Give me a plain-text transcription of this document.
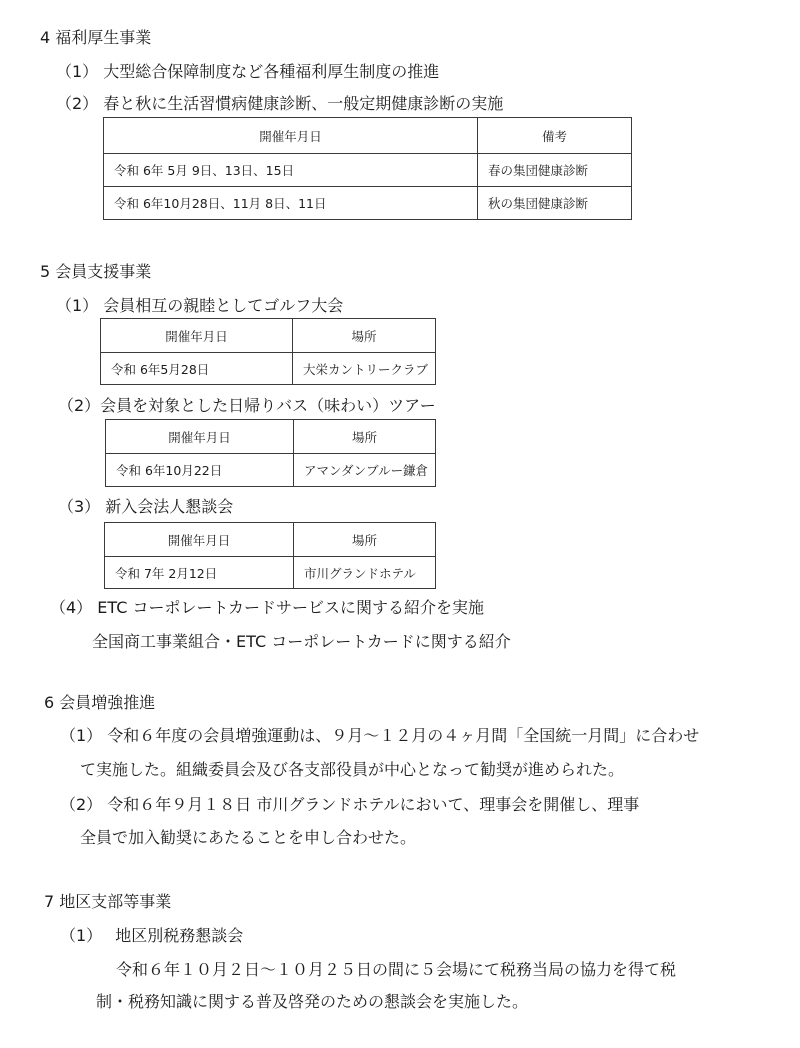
4 福利厚生事業
（1） 大型総合保障制度など各種福利厚生制度の推進
（2） 春と秋に生活習慣病健康診断、一般定期健康診断の実施
開催年月日	備考
令和 6年 5月 9日、13日、15日	春の集団健康診断
令和 6年10月28日、11月 8日、11日	秋の集団健康診断
5 会員支援事業
（1） 会員相互の親睦としてゴルフ大会
開催年月日	場所
令和 6年5月28日	大栄カントリークラブ
（2）会員を対象とした日帰りバス（味わい）ツアー
開催年月日	場所
令和 6年10月22日	アマンダンブルー鎌倉
（3） 新入会法人懇談会
開催年月日	場所
令和 7年 2月12日	市川グランドホテル
（4） ETC コーポレートカードサービスに関する紹介を実施
全国商工事業組合・ETC コーポレートカードに関する紹介
6 会員増強推進
（1） 令和６年度の会員増強運動は、９月～１２月の４ヶ月間「全国統一月間」に合わせ
て実施した。組織委員会及び各支部役員が中心となって勧奨が進められた。
（2） 令和６年９月１８日 市川グランドホテルにおいて、理事会を開催し、理事
全員で加入勧奨にあたることを申し合わせた。
7 地区支部等事業
（1）　 地区別税務懇談会
令和６年１０月２日～１０月２５日の間に５会場にて税務当局の協力を得て税
制・税務知識に関する普及啓発のための懇談会を実施した。
